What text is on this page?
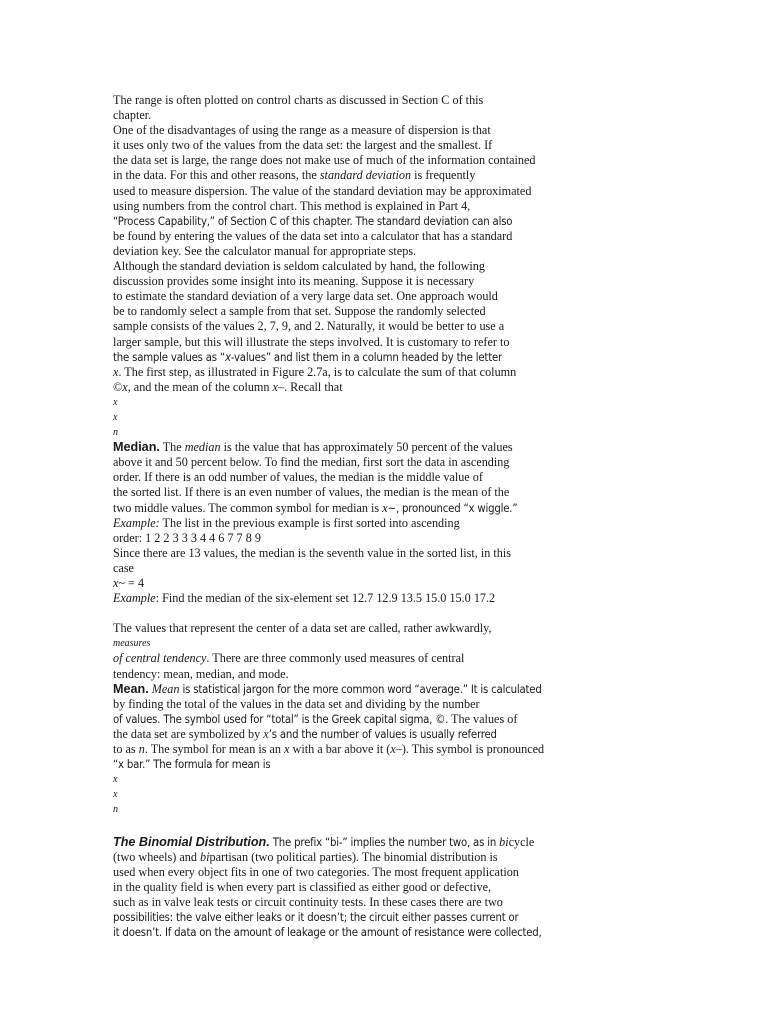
The range is often plotted on control charts as discussed in Section C of this
chapter.
One of the disadvantages of using the range as a measure of dispersion is that
it uses only two of the values from the data set: the largest and the smallest. If
the data set is large, the range does not make use of much of the information contained
in the data. For this and other reasons, the standard deviation is frequently
used to measure dispersion. The value of the standard deviation may be approximated
using numbers from the control chart. This method is explained in Part 4,
“Process Capability,” of Section C of this chapter. The standard deviation can also
be found by entering the values of the data set into a calculator that has a standard
deviation key. See the calculator manual for appropriate steps.
Although the standard deviation is seldom calculated by hand, the following
discussion provides some insight into its meaning. Suppose it is necessary
to estimate the standard deviation of a very large data set. One approach would
be to randomly select a sample from that set. Suppose the randomly selected
sample consists of the values 2, 7, 9, and 2. Naturally, it would be better to use a
larger sample, but this will illustrate the steps involved. It is customary to refer to
the sample values as “x-values” and list them in a column headed by the letter
x. The first step, as illustrated in Figure 2.7a, is to calculate the sum of that column
©x, and the mean of the column x–. Recall that
x
x
n
Median. The median is the value that has approximately 50 percent of the values
above it and 50 percent below. To find the median, first sort the data in ascending
order. If there is an odd number of values, the median is the middle value of
the sorted list. If there is an even number of values, the median is the mean of the
two middle values. The common symbol for median is x~, pronounced “x wiggle.”
Example: The list in the previous example is first sorted into ascending
order: 1 2 2 3 3 3 4 4 6 7 7 8 9
Since there are 13 values, the median is the seventh value in the sorted list, in this
case
x~ = 4
Example: Find the median of the six-element set 12.7 12.9 13.5 15.0 15.0 17.2
The values that represent the center of a data set are called, rather awkwardly,
measures
of central tendency. There are three commonly used measures of central
tendency: mean, median, and mode.
Mean. Mean is statistical jargon for the more common word “average.” It is calculated
by finding the total of the values in the data set and dividing by the number
of values. The symbol used for “total” is the Greek capital sigma, ©. The values of
the data set are symbolized by x’s and the number of values is usually referred
to as n. The symbol for mean is an x with a bar above it (x–). This symbol is pronounced
“x bar.” The formula for mean is
x
x
n
The Binomial Distribution. The prefix “bi-” implies the number two, as in bicycle
(two wheels) and bipartisan (two political parties). The binomial distribution is
used when every object fits in one of two categories. The most frequent application
in the quality field is when every part is classified as either good or defective,
such as in valve leak tests or circuit continuity tests. In these cases there are two
possibilities: the valve either leaks or it doesn’t; the circuit either passes current or
it doesn’t. If data on the amount of leakage or the amount of resistance were collected,
